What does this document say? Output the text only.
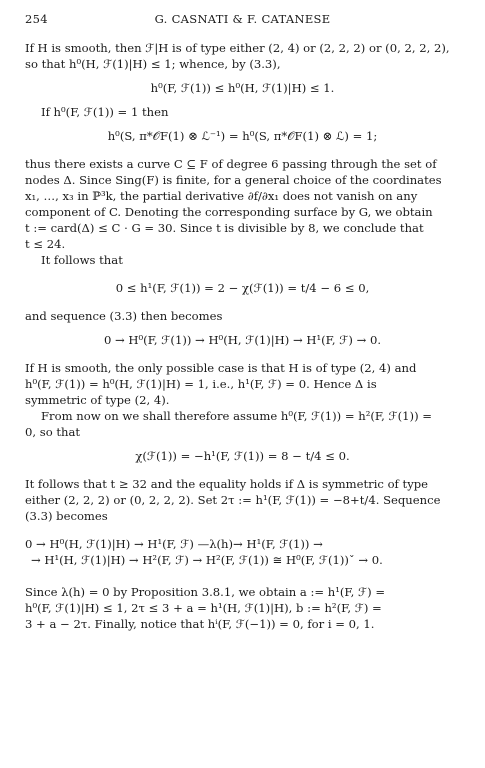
254	G. CASNATI & F. CATANESE

If H is smooth, then ℱ|H is of type either (2, 4) or (2, 2, 2) or (0, 2, 2, 2),

so that h⁰(H, ℱ(1)|H) ≤ 1; whence, by (3.3),

h⁰(F, ℱ(1)) ≤ h⁰(H, ℱ(1)|H) ≤ 1.

If h⁰(F, ℱ(1)) = 1 then

h⁰(S, π*𝒪F(1) ⊗ ℒ⁻¹) = h⁰(S, π*𝒪F(1) ⊗ ℒ) = 1;

thus there exists a curve C ⊆ F of degree 6 passing through the set of

nodes Δ. Since Sing(F) is finite, for a general choice of the coordinates

x₁, …, x₃ in ℙ³k, the partial derivative ∂f/∂x₁ does not vanish on any

component of C. Denoting the corresponding surface by G, we obtain

t := card(Δ) ≤ C · G = 30. Since t is divisible by 8, we conclude that

t ≤ 24.

It follows that

0 ≤ h¹(F, ℱ(1)) = 2 − χ(ℱ(1)) = t/4 − 6 ≤ 0,

and sequence (3.3) then becomes

0 → H⁰(F, ℱ(1)) → H⁰(H, ℱ(1)|H) → H¹(F, ℱ) → 0.

If H is smooth, the only possible case is that H is of type (2, 4) and

h⁰(F, ℱ(1)) = h⁰(H, ℱ(1)|H) = 1, i.e., h¹(F, ℱ) = 0. Hence Δ is

symmetric of type (2, 4).

From now on we shall therefore assume h⁰(F, ℱ(1)) = h²(F, ℱ(1)) =

0, so that

χ(ℱ(1)) = −h¹(F, ℱ(1)) = 8 − t/4 ≤ 0.

It follows that t ≥ 32 and the equality holds if Δ is symmetric of type

either (2, 2, 2) or (0, 2, 2, 2). Set 2τ := h¹(F, ℱ(1)) = −8+t/4. Sequence

(3.3) becomes

0 → H⁰(H, ℱ(1)|H) → H¹(F, ℱ) —λ(h)→ H¹(F, ℱ(1)) →

→ H¹(H, ℱ(1)|H) → H²(F, ℱ) → H²(F, ℱ(1)) ≅ H⁰(F, ℱ(1))ˇ → 0.

Since λ(h) = 0 by Proposition 3.8.1, we obtain a := h¹(F, ℱ) =

h⁰(F, ℱ(1)|H) ≤ 1, 2τ ≤ 3 + a = h¹(H, ℱ(1)|H), b := h²(F, ℱ) =

3 + a − 2τ. Finally, notice that hⁱ(F, ℱ(−1)) = 0, for i = 0, 1.
